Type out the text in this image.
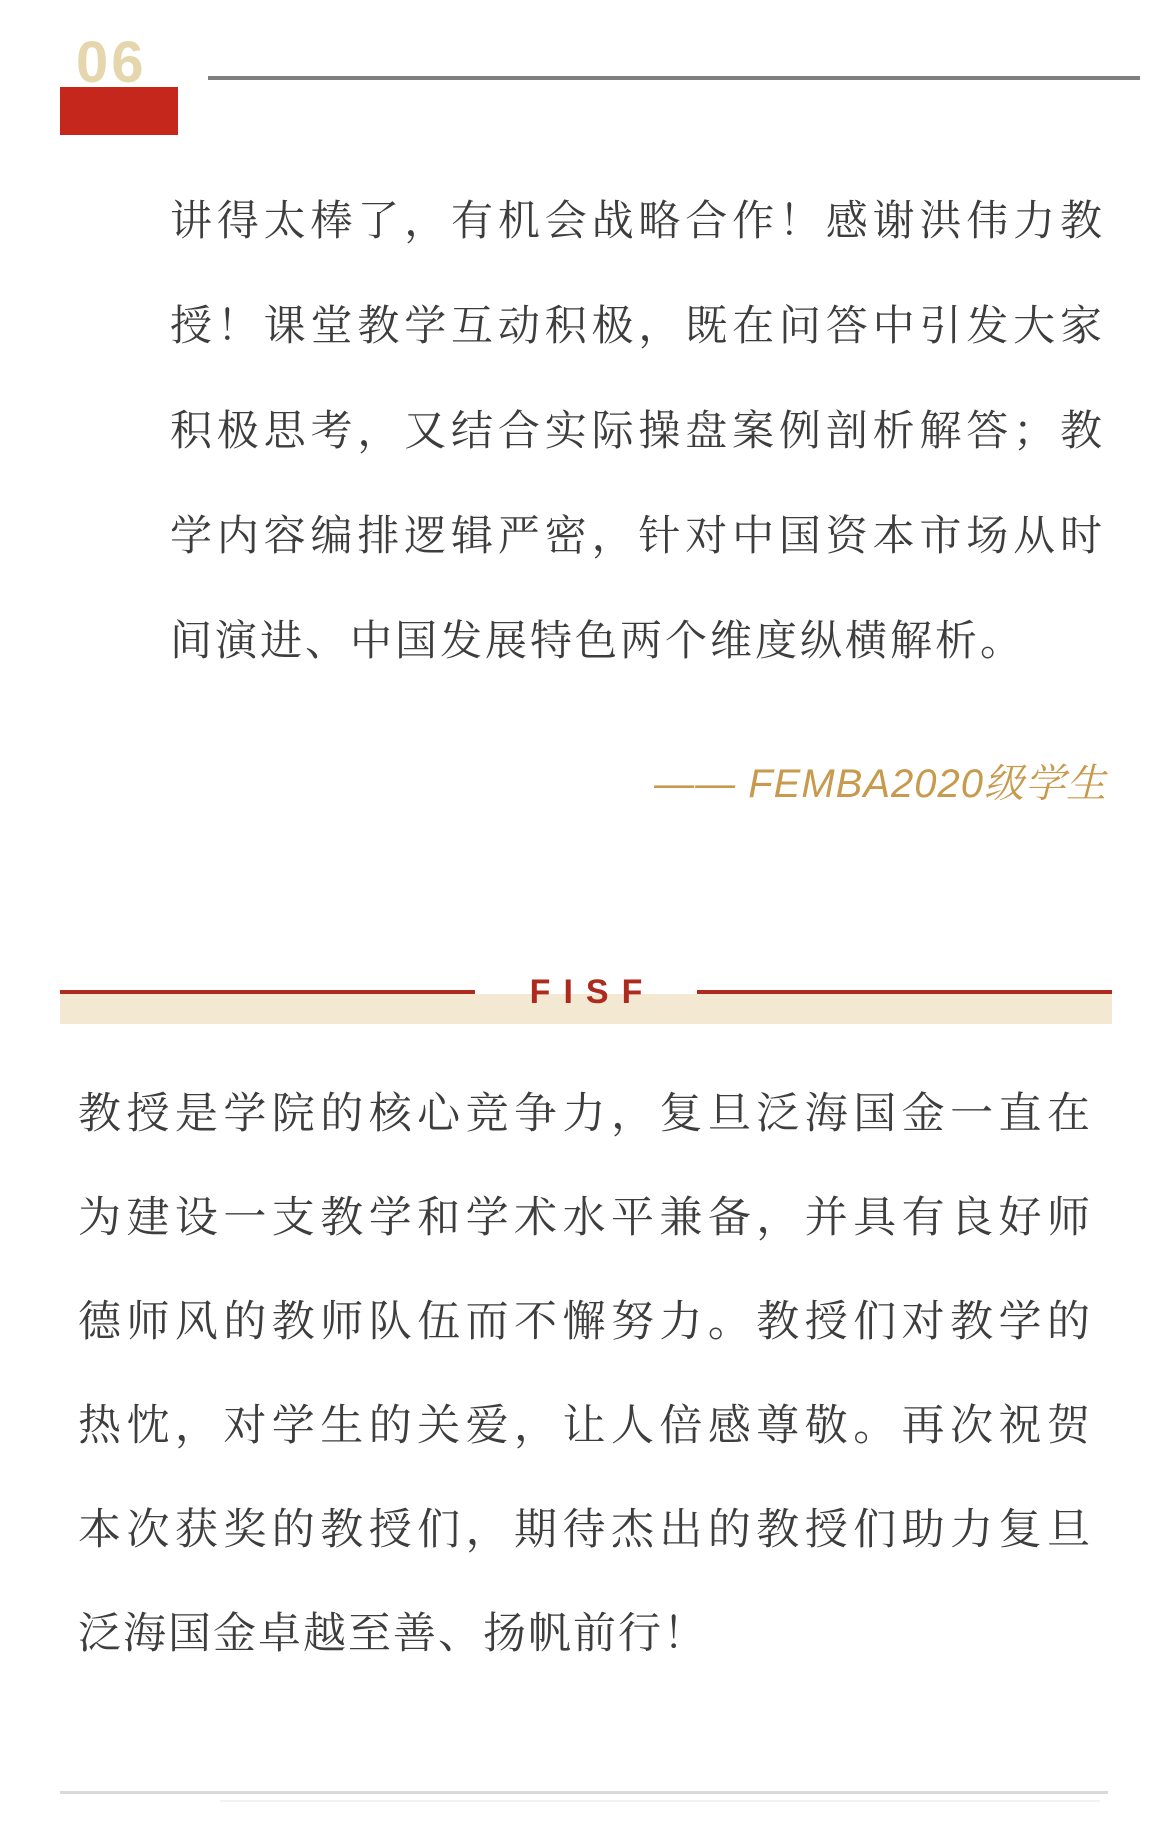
06
讲得太棒了，有机会战略合作！感谢洪伟力教
授！课堂教学互动积极，既在问答中引发大家
积极思考，又结合实际操盘案例剖析解答；教
学内容编排逻辑严密，针对中国资本市场从时
间演进、中国发展特色两个维度纵横解析。
—— FEMBA2020级学生
FISF
教授是学院的核心竞争力，复旦泛海国金一直在
为建设一支教学和学术水平兼备，并具有良好师
德师风的教师队伍而不懈努力。教授们对教学的
热忱，对学生的关爱，让人倍感尊敬。再次祝贺
本次获奖的教授们，期待杰出的教授们助力复旦
泛海国金卓越至善、扬帆前行！
